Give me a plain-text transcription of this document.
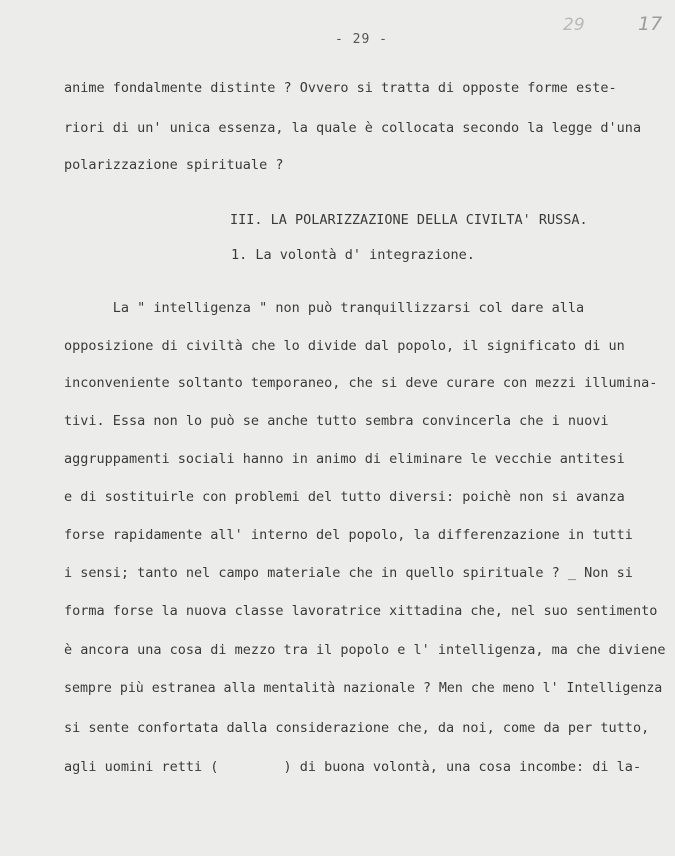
- 29 -
29	17
anime fondalmente distinte ? Ovvero si tratta di opposte forme este-
riori di un' unica essenza, la quale è collocata secondo la legge d'una
polarizzazione spirituale ?
III. LA POLARIZZAZIONE DELLA CIVILTA' RUSSA.
1. La volontà d' integrazione.
La " intelligenza " non può tranquillizzarsi col dare alla
opposizione di civiltà che lo divide dal popolo, il significato di un
inconveniente soltanto temporaneo, che si deve curare con mezzi illumina-
tivi. Essa non lo può se anche tutto sembra convincerla che i nuovi
aggruppamenti sociali hanno in animo di eliminare le vecchie antitesi
e di sostituirle con problemi del tutto diversi: poichè non si avanza
forse rapidamente all' interno del popolo, la differenzazione in tutti
i sensi; tanto nel campo materiale che in quello spirituale ? _ Non si
forma forse la nuova classe lavoratrice xittadina che, nel suo sentimento
è ancora una cosa di mezzo tra il popolo e l' intelligenza, ma che diviene
sempre più estranea alla mentalità nazionale ? Men che meno l' Intelligenza
si sente confortata dalla considerazione che, da noi, come da per tutto,
agli uomini retti (        ) di buona volontà, una cosa incombe: di la-
